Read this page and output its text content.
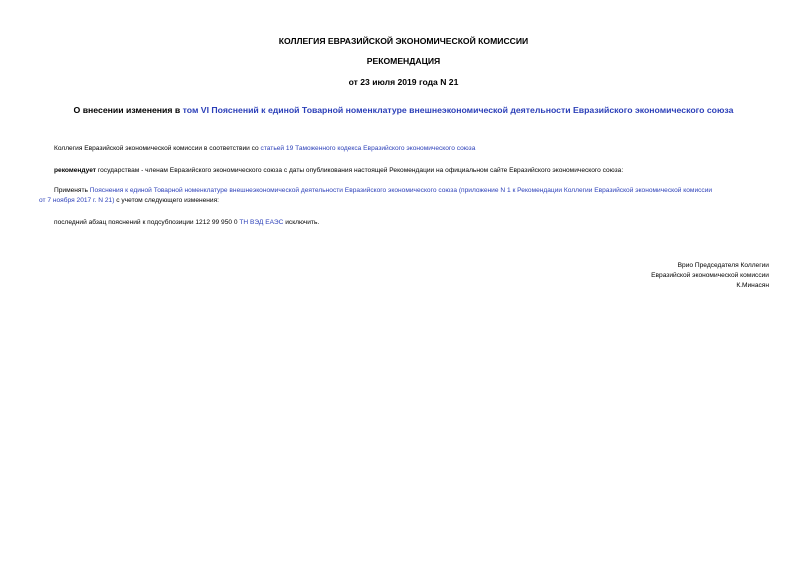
КОЛЛЕГИЯ ЕВРАЗИЙСКОЙ ЭКОНОМИЧЕСКОЙ КОМИССИИ
РЕКОМЕНДАЦИЯ
от 23 июля 2019 года N 21
О внесении изменения в том VI Пояснений к единой Товарной номенклатуре внешнеэкономической деятельности Евразийского экономического союза
Коллегия Евразийской экономической комиссии в соответствии со статьей 19 Таможенного кодекса Евразийского экономического союза
рекомендует государствам - членам Евразийского экономического союза с даты опубликования настоящей Рекомендации на официальном сайте Евразийского экономического союза:
Применять Пояснения к единой Товарной номенклатуре внешнеэкономической деятельности Евразийского экономического союза (приложение N 1 к Рекомендации Коллегии Евразийской экономической комиссии
от 7 ноября 2017 г. N 21) с учетом следующего изменения:
последний абзац пояснений к подсубпозиции 1212 99 950 0 ТН ВЭД ЕАЭС исключить.
Врио Председателя Коллегии
Евразийской экономической комиссии
К.Минасян
